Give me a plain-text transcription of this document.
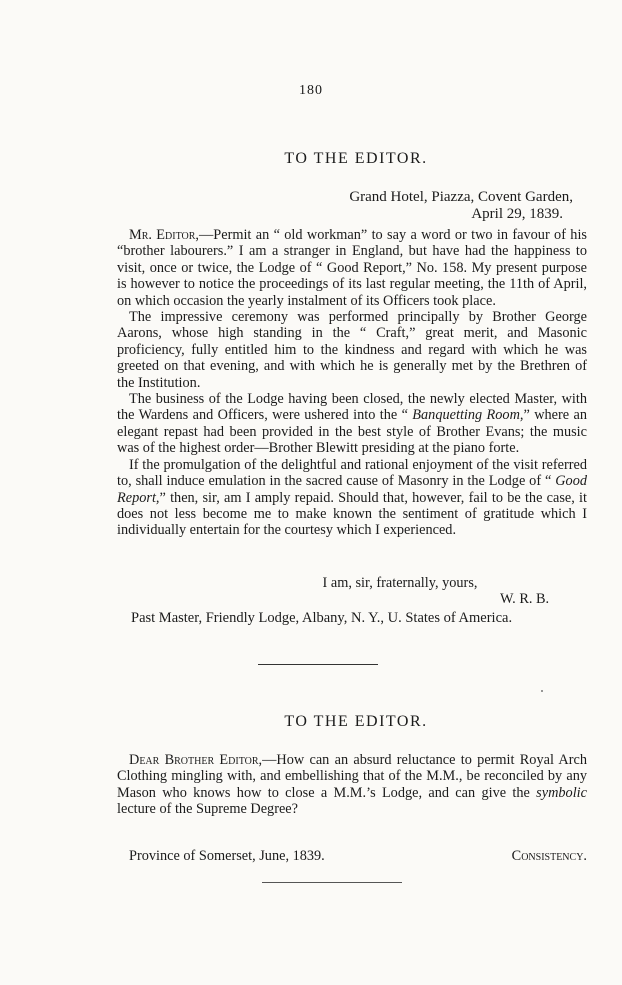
180
TO THE EDITOR.
Grand Hotel, Piazza, Covent Garden,
April 29, 1839.

Mr. Editor,—Permit an “ old workman” to say a word or two in favour of his “brother labourers.” I am a stranger in England, but have had the happiness to visit, once or twice, the Lodge of “ Good Report,” No. 158. My present purpose is however to notice the proceedings of its last regular meeting, the 11th of April, on which occasion the yearly instalment of its Officers took place.

The impressive ceremony was performed principally by Brother George Aarons, whose high standing in the “ Craft,” great merit, and Masonic proficiency, fully entitled him to the kindness and regard with which he was greeted on that evening, and with which he is generally met by the Brethren of the Institution.

The business of the Lodge having been closed, the newly elected Master, with the Wardens and Officers, were ushered into the “ Banquetting Room,” where an elegant repast had been provided in the best style of Brother Evans; the music was of the highest order—Brother Blewitt presiding at the piano forte.

If the promulgation of the delightful and rational enjoyment of the visit referred to, shall induce emulation in the sacred cause of Masonry in the Lodge of “ Good Report,” then, sir, am I amply repaid. Should that, however, fail to be the case, it does not less become me to make known the sentiment of gratitude which I individually entertain for the courtesy which I experienced.

I am, sir, fraternally, yours,
W. R. B.
Past Master, Friendly Lodge, Albany, N. Y., U. States of America.
TO THE EDITOR.

Dear Brother Editor,—How can an absurd reluctance to permit Royal Arch Clothing mingling with, and embellishing that of the M.M., be reconciled by any Mason who knows how to close a M.M.’s Lodge, and can give the symbolic lecture of the Supreme Degree?

Province of Somerset, June, 1839.	Consistency.
